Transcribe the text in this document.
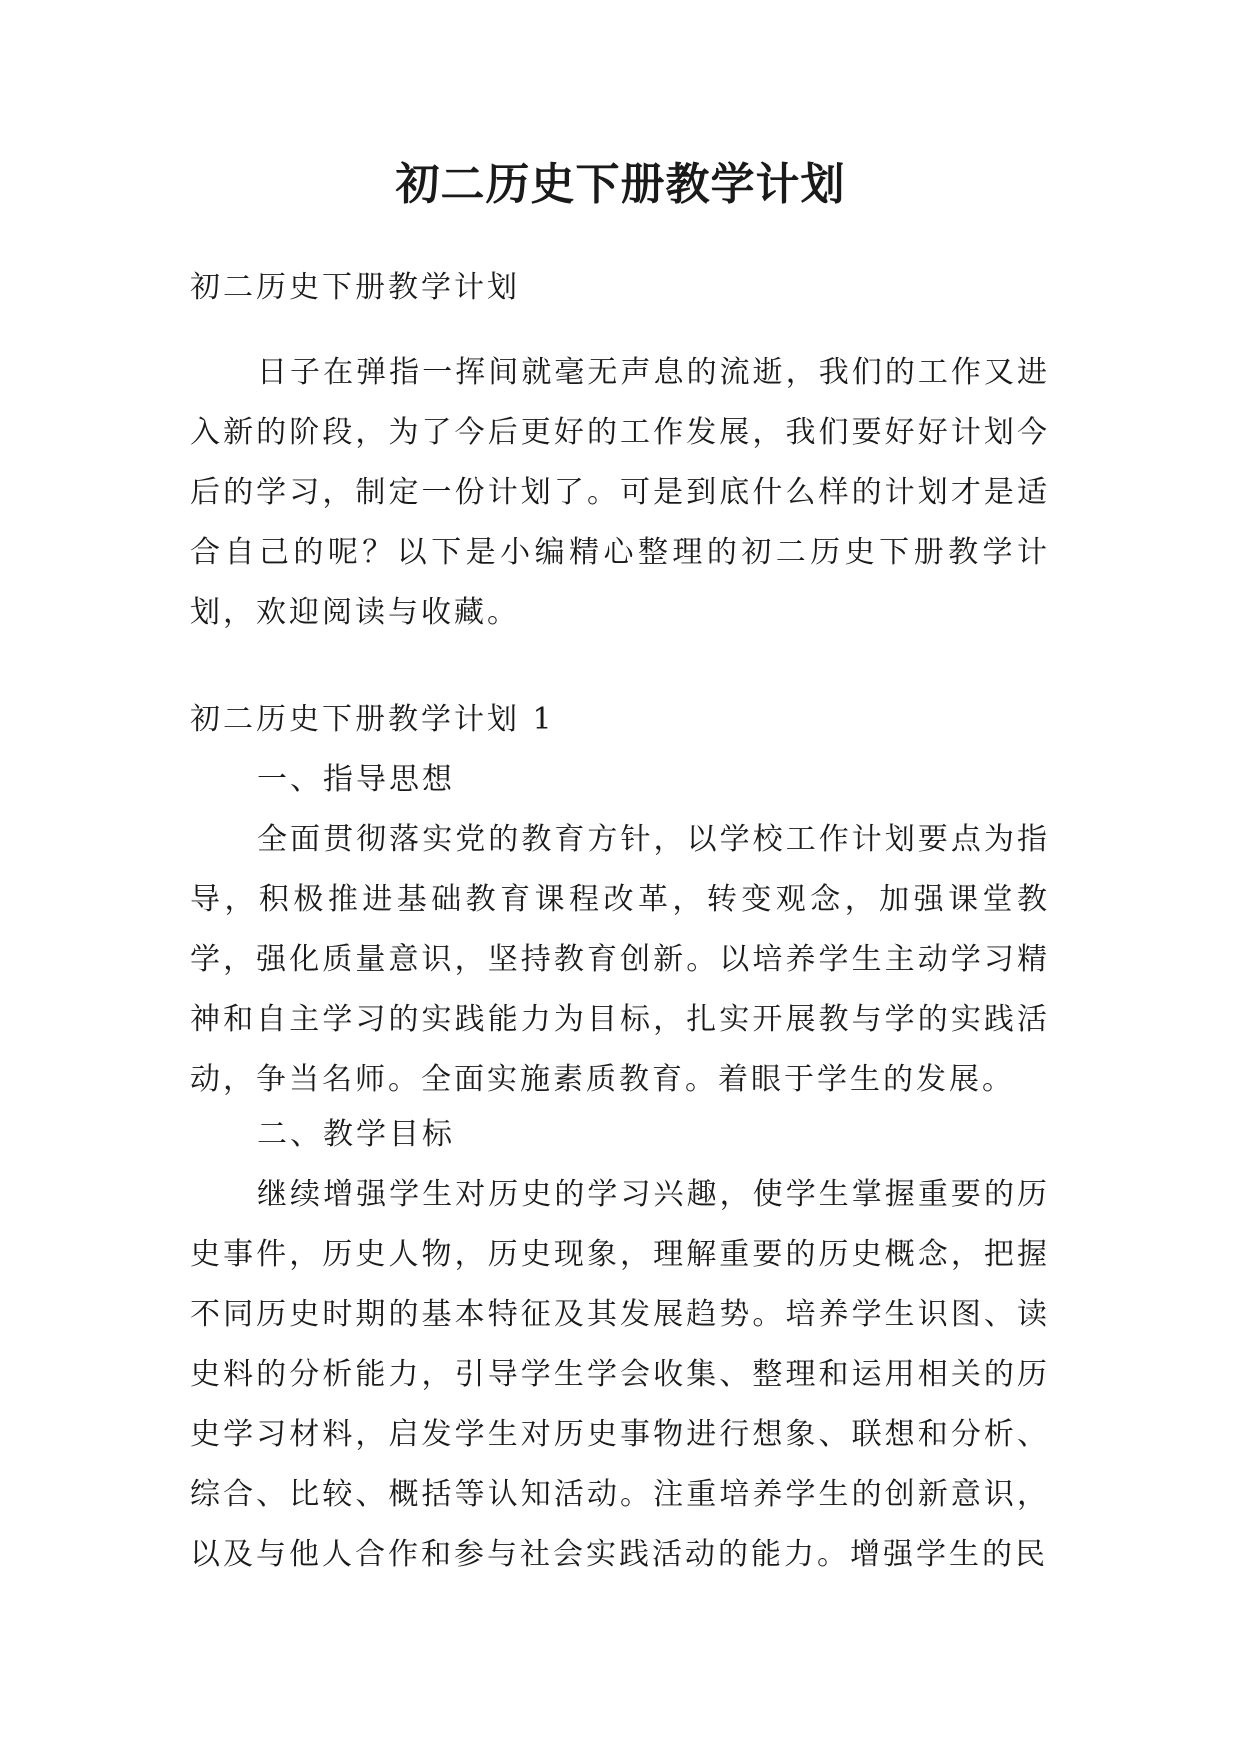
初二历史下册教学计划

初二历史下册教学计划

日子在弹指一挥间就毫无声息的流逝，我们的工作又进入新的阶段，为了今后更好的工作发展，我们要好好计划今后的学习，制定一份计划了。可是到底什么样的计划才是适合自己的呢？以下是小编精心整理的初二历史下册教学计划，欢迎阅读与收藏。

初二历史下册教学计划 1

一、指导思想

全面贯彻落实党的教育方针，以学校工作计划要点为指导，积极推进基础教育课程改革，转变观念，加强课堂教学，强化质量意识，坚持教育创新。以培养学生主动学习精神和自主学习的实践能力为目标，扎实开展教与学的实践活动，争当名师。全面实施素质教育。着眼于学生的发展。

二、教学目标

继续增强学生对历史的学习兴趣，使学生掌握重要的历史事件，历史人物，历史现象，理解重要的历史概念，把握不同历史时期的基本特征及其发展趋势。培养学生识图、读史料的分析能力，引导学生学会收集、整理和运用相关的历史学习材料，启发学生对历史事物进行想象、联想和分析、综合、比较、概括等认知活动。注重培养学生的创新意识，以及与他人合作和参与社会实践活动的能力。增强学生的民
